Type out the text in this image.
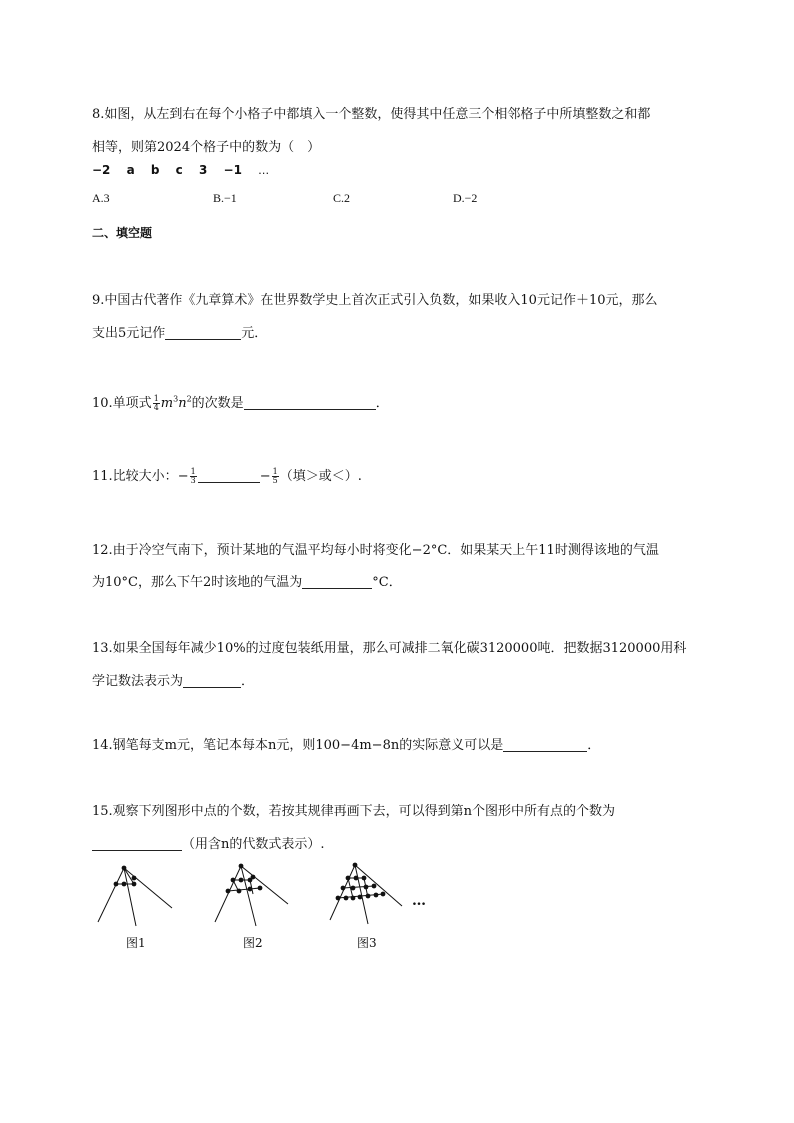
8.如图，从左到右在每个小格子中都填入一个整数，使得其中任意三个相邻格子中所填整数之和都
相等，则第2024个格子中的数为（　）
−2 a b c 3 −1 …
A.3	B.−1	C.2	D.−2
二、填空题
9.中国古代著作《九章算术》在世界数学史上首次正式引入负数，如果收入10元记作＋10元，那么
支出5元记作	元．
10.单项式 $\frac{1}{4} m^3n^2$的次数是	．
11.比较大小：− $\frac{1}{3}$	− $\frac{1}{5}$ （填＞或＜）.
12.由于冷空气南下，预计某地的气温平均每小时将变化−2°C．如果某天上午11时测得该地的气温
为10°C，那么下午2时该地的气温为	°C．
13.如果全国每年减少10%的过度包装纸用量，那么可减排二氧化碳3120000吨．把数据3120000用科
学记数法表示为	．
14.钢笔每支m元，笔记本每本n元，则100−4m−8n的实际意义可以是	．
15.观察下列图形中点的个数，若按其规律再画下去，可以得到第n个图形中所有点的个数为
（用含n的代数式表示）.
…
图1	图2	图3
